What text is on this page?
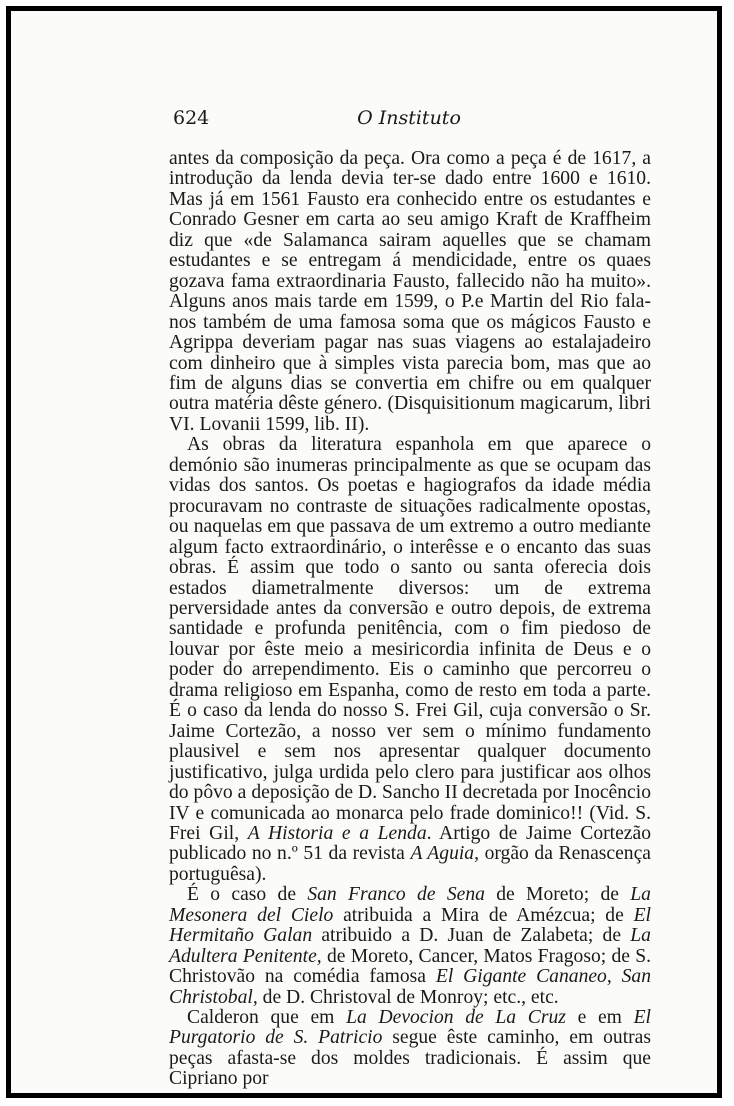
624	O Instituto

antes da composição da peça. Ora como a peça é de 1617, a introdução da lenda devia ter-se dado entre 1600 e 1610. Mas já em 1561 Fausto era conhecido entre os estudantes e Conrado Gesner em carta ao seu amigo Kraft de Kraffheim diz que «de Salamanca sairam aquelles que se chamam estudantes e se entregam á mendicidade, entre os quaes gozava fama extraordinaria Fausto, fallecido não ha muito». Alguns anos mais tarde em 1599, o P.e Martin del Rio fala-nos também de uma famosa soma que os mágicos Fausto e Agrippa deveriam pagar nas suas viagens ao estalajadeiro com dinheiro que à simples vista parecia bom, mas que ao fim de alguns dias se convertia em chifre ou em qualquer outra matéria dêste género. (Disquisitionum magicarum, libri VI. Lovanii 1599, lib. II).

As obras da literatura espanhola em que aparece o demónio são inumeras principalmente as que se ocupam das vidas dos santos. Os poetas e hagiografos da idade média procuravam no contraste de situações radicalmente opostas, ou naquelas em que passava de um extremo a outro mediante algum facto extraordinário, o interêsse e o encanto das suas obras. É assim que todo o santo ou santa oferecia dois estados diametralmente diversos: um de extrema perversidade antes da conversão e outro depois, de extrema santidade e profunda penitência, com o fim piedoso de louvar por êste meio a mesiricordia infinita de Deus e o poder do arrependimento. Eis o caminho que percorreu o drama religioso em Espanha, como de resto em toda a parte. É o caso da lenda do nosso S. Frei Gil, cuja conversão o Sr. Jaime Cortezão, a nosso ver sem o mínimo fundamento plausivel e sem nos apresentar qualquer documento justificativo, julga urdida pelo clero para justificar aos olhos do pôvo a deposição de D. Sancho II decretada por Inocêncio IV e comunicada ao monarca pelo frade dominico!! (Vid. S. Frei Gil, A Historia e a Lenda. Artigo de Jaime Cortezão publicado no n.º 51 da revista A Aguia, orgão da Renascença portuguêsa).

É o caso de San Franco de Sena de Moreto; de La Mesonera del Cielo atribuida a Mira de Amézcua; de El Hermitaño Galan atribuido a D. Juan de Zalabeta; de La Adultera Penitente, de Moreto, Cancer, Matos Fragoso; de S. Christovão na comédia famosa El Gigante Cananeo, San Christobal, de D. Christoval de Monroy; etc., etc.

Calderon que em La Devocion de La Cruz e em El Purgatorio de S. Patricio segue êste caminho, em outras peças afasta-se dos moldes tradicionais. É assim que Cipriano por
